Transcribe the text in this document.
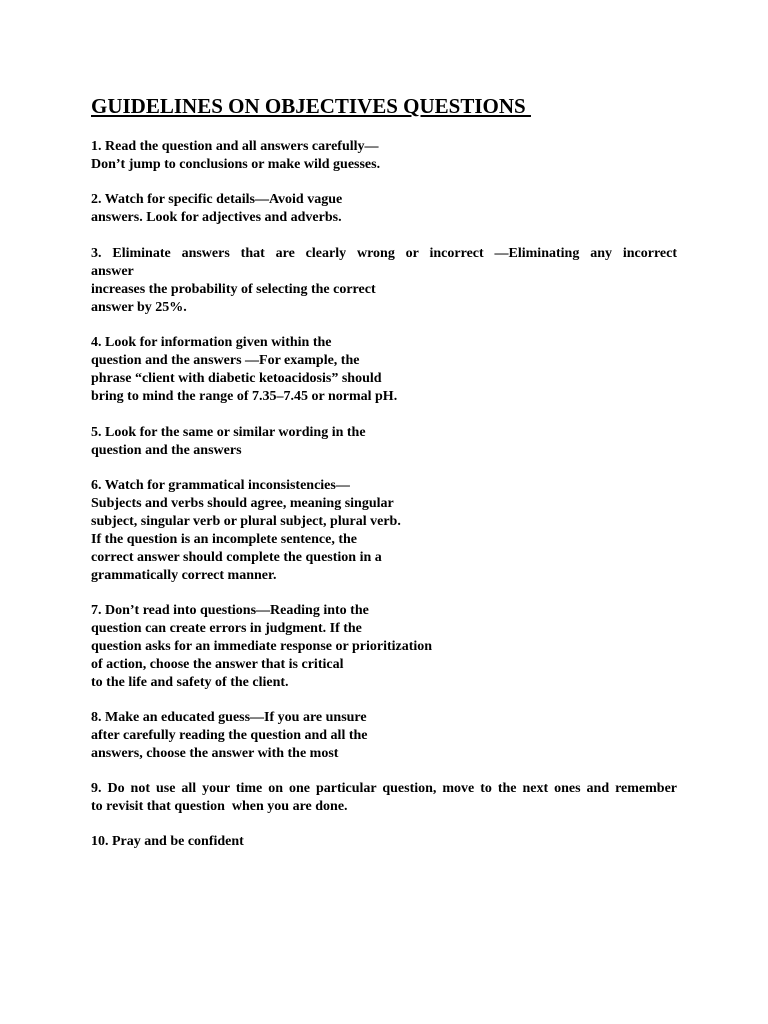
GUIDELINES ON OBJECTIVES QUESTIONS

1. Read the question and all answers carefully—
Don’t jump to conclusions or make wild guesses.

2. Watch for specific details—Avoid vague
answers. Look for adjectives and adverbs.

3. Eliminate answers that are clearly wrong or incorrect —Eliminating any incorrect
answer
increases the probability of selecting the correct
answer by 25%.

4. Look for information given within the
question and the answers —For example, the
phrase “client with diabetic ketoacidosis” should
bring to mind the range of 7.35–7.45 or normal pH.

5. Look for the same or similar wording in the
question and the answers

6. Watch for grammatical inconsistencies—
Subjects and verbs should agree, meaning singular
subject, singular verb or plural subject, plural verb.
If the question is an incomplete sentence, the
correct answer should complete the question in a
grammatically correct manner.

7. Don’t read into questions—Reading into the
question can create errors in judgment. If the
question asks for an immediate response or prioritization
of action, choose the answer that is critical
to the life and safety of the client.

8. Make an educated guess—If you are unsure
after carefully reading the question and all the
answers, choose the answer with the most

9. Do not use all your time on one particular question, move to the next ones and remember
to revisit that question  when you are done.

10. Pray and be confident
